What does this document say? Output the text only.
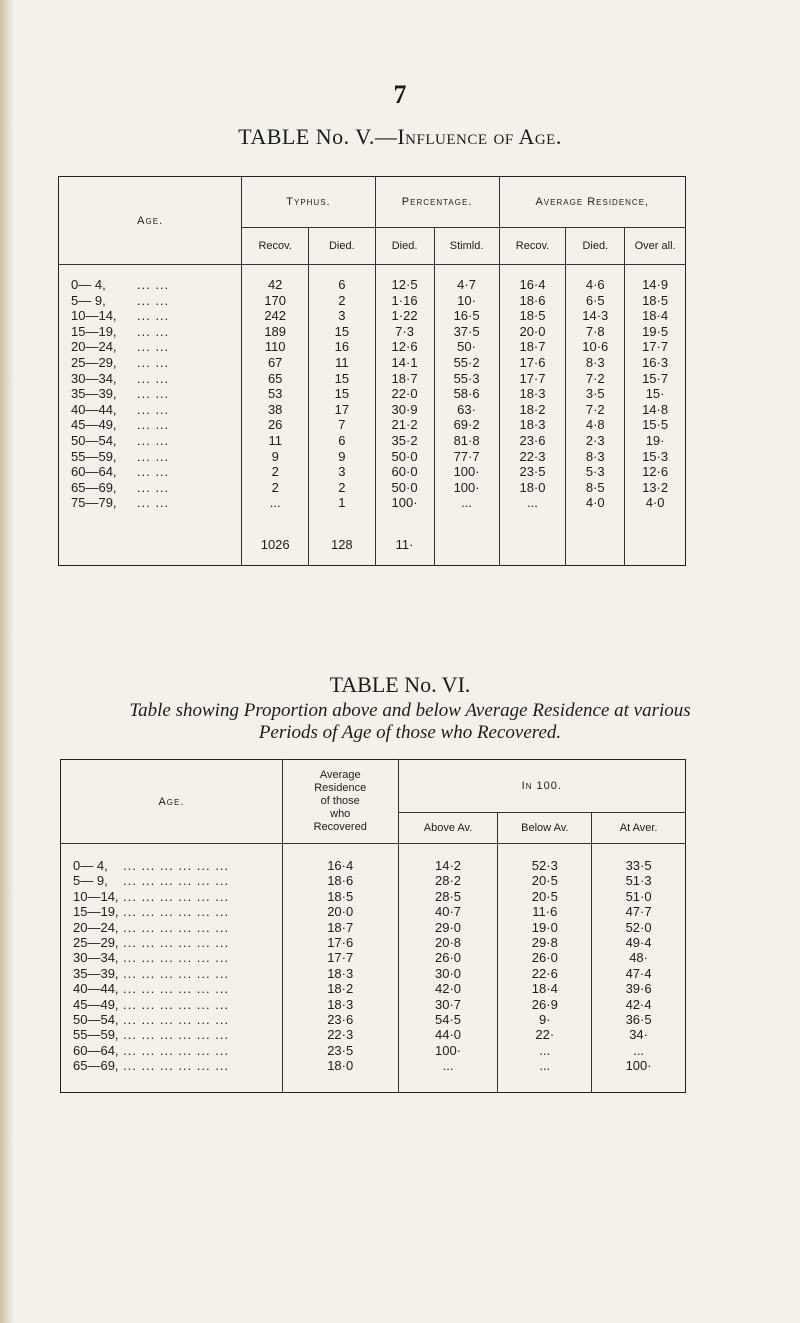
7
TABLE No. V.—Influence of Age.
Age.	Typhus.		Percentage.		Average Residence,		
	Recov.	Died.	Died.	Stimld.	Recov.	Died.	Over all.
0— 4, ... ...	42	6	12·5	4·7	16·4	4·6	14·9
5— 9, ... ...	170	2	1·16	10·	18·6	6·5	18·5
10—14, ... ...	242	3	1·22	16·5	18·5	14·3	18·4
15—19, ... ...	189	15	7·3	37·5	20·0	7·8	19·5
20—24, ... ...	110	16	12·6	50·	18·7	10·6	17·7
25—29, ... ...	67	11	14·1	55·2	17·6	8·3	16·3
30—34, ... ...	65	15	18·7	55·3	17·7	7·2	15·7
35—39, ... ...	53	15	22·0	58·6	18·3	3·5	15·
40—44, ... ...	38	17	30·9	63·	18·2	7·2	14·8
45—49, ... ...	26	7	21·2	69·2	18·3	4·8	15·5
50—54, ... ...	11	6	35·2	81·8	23·6	2·3	19·
55—59, ... ...	9	9	50·0	77·7	22·3	8·3	15·3
60—64, ... ...	2	3	60·0	100·	23·5	5·3	12·6
65—69, ... ...	2	2	50·0	100·	18·0	8·5	13·2
75—79, ... ...	...	1	100·	...	...	4·0	4·0
	1026	128	11·				
TABLE No. VI.
Table showing Proportion above and below Average Residence at various
Periods of Age of those who Recovered.
Age.	Average
Residence
of those
who
Recovered	In 100.		
		Above Av.	Below Av.	At Aver.
0— 4, ... ... ... ... ... ...	16·4	14·2	52·3	33·5
5— 9, ... ... ... ... ... ...	18·6	28·2	20·5	51·3
10—14, ... ... ... ... ... ...	18·5	28·5	20·5	51·0
15—19, ... ... ... ... ... ...	20·0	40·7	11·6	47·7
20—24, ... ... ... ... ... ...	18·7	29·0	19·0	52·0
25—29, ... ... ... ... ... ...	17·6	20·8	29·8	49·4
30—34, ... ... ... ... ... ...	17·7	26·0	26·0	48·
35—39, ... ... ... ... ... ...	18·3	30·0	22·6	47·4
40—44, ... ... ... ... ... ...	18·2	42·0	18·4	39·6
45—49, ... ... ... ... ... ...	18·3	30·7	26·9	42·4
50—54, ... ... ... ... ... ...	23·6	54·5	9·	36·5
55—59, ... ... ... ... ... ...	22·3	44·0	22·	34·
60—64, ... ... ... ... ... ...	23·5	100·	...	...
65—69, ... ... ... ... ... ...	18·0	...	...	100·
